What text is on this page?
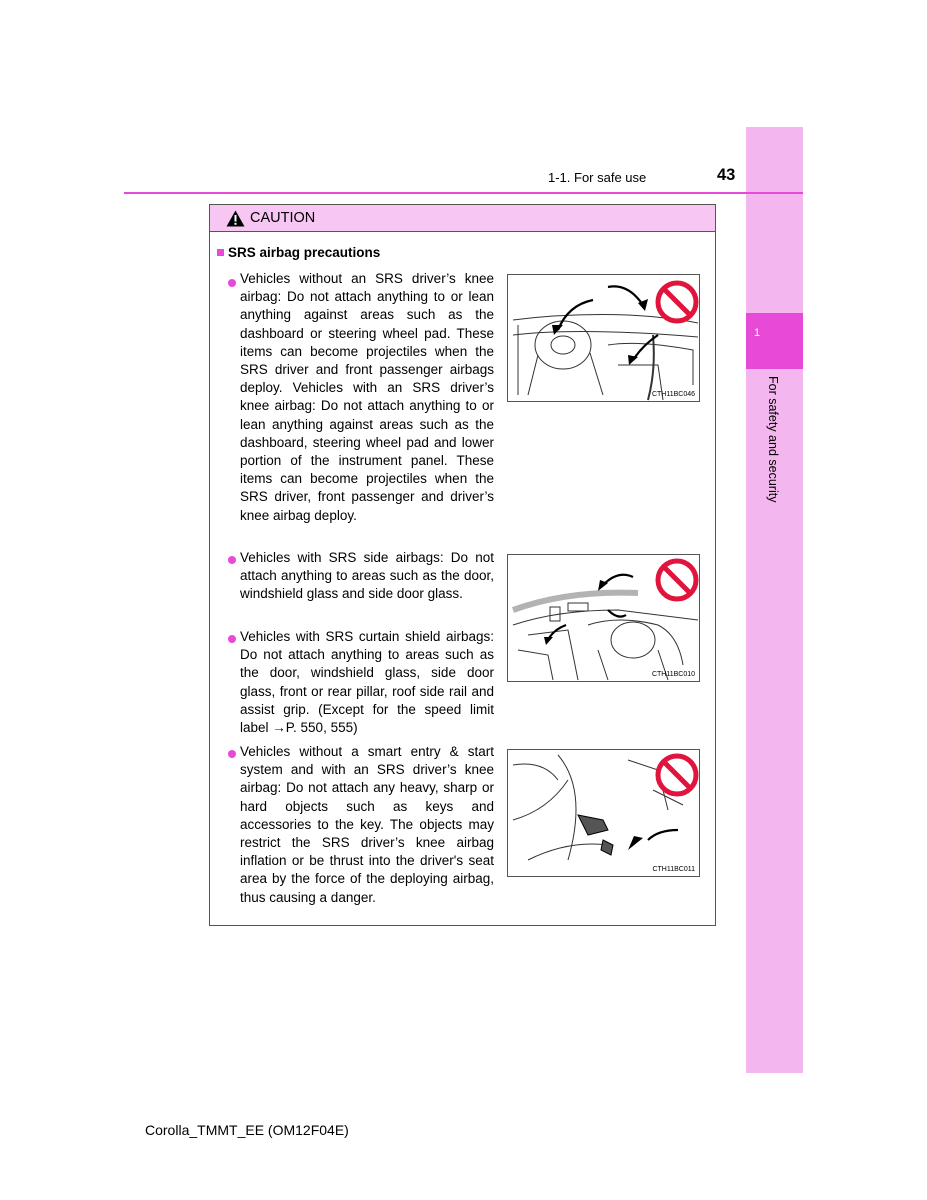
1
For safety and security
1-1. For safe use	43
CAUTION
SRS airbag precautions
Vehicles without an SRS driver’s knee airbag: Do not attach anything to or lean anything against areas such as the dashboard or steering wheel pad. These items can become projectiles when the SRS driver and front passenger airbags deploy. Vehicles with an SRS driver’s knee airbag: Do not attach anything to or lean anything against areas such as the dashboard, steering wheel pad and lower portion of the instrument panel. These items can become projectiles when the SRS driver, front passenger and driver’s knee airbag deploy.
Vehicles with SRS side airbags: Do not attach anything to areas such as the door, windshield glass and side door glass.
Vehicles with SRS curtain shield airbags: Do not attach anything to areas such as the door, windshield glass, side door glass, front or rear pillar, roof side rail and assist grip. (Except for the speed limit label →P. 550, 555)
Vehicles without a smart entry & start system and with an SRS driver’s knee airbag: Do not attach any heavy, sharp or hard objects such as keys and accessories to the key. The objects may restrict the SRS driver’s knee airbag inflation or be thrust into the driver's seat area by the force of the deploying airbag, thus causing a danger.
CTH11BC046
CTH11BC010
CTH11BC011
Corolla_TMMT_EE (OM12F04E)
